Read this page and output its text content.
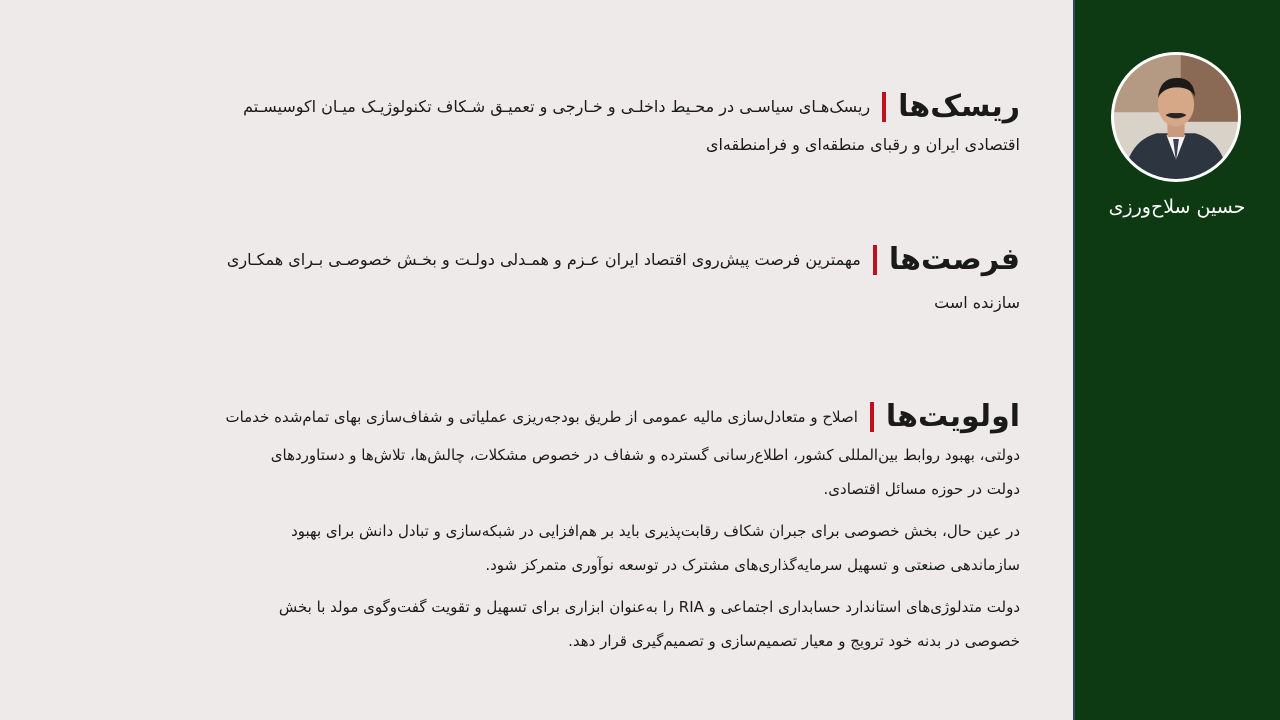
ریسک‌هاریسک‌هـای سیاسـی در محـیط داخلـی و خـارجی و تعمیـق شـکاف تکنولوژیـک میـان اکوسیسـتم
اقتصادی ایران و رقبای منطقه‌ای و فرامنطقه‌ای
فرصت‌هامهمترین فرصت پیش‌روی اقتصاد ایران عـزم و همـدلی دولـت و بخـش خصوصـی بـرای همکـاری
سازنده است
اولویت‌هااصلاح و متعادل‌سازی مالیه عمومی از طریق بودجه‌ریزی عملیاتی و شفاف‌سازی بهای تمام‌شده خدمات
دولتی، بهبود روابط بین‌المللی کشور، اطلاع‌رسانی گسترده و شفاف در خصوص مشکلات، چالش‌ها، تلاش‌ها و دستاوردهای
دولت در حوزه مسائل اقتصادی.
در عین حال، بخش خصوصی برای جبران شکاف رقابت‌پذیری باید بر هم‌افزایی در شبکه‌سازی و تبادل دانش برای بهبود
سازماندهی صنعتی و تسهیل سرمایه‌گذاری‌های مشترک در توسعه نوآوری متمرکز شود.
دولت متدلوژی‌های استاندارد حسابداری اجتماعی و RIA را به‌عنوان ابزاری برای تسهیل و تقویت گفت‌وگوی مولد با بخش
خصوصی در بدنه خود ترویج و معیار تصمیم‌سازی و تصمیم‌گیری قرار دهد.
حسین سلاح‌ورزی
